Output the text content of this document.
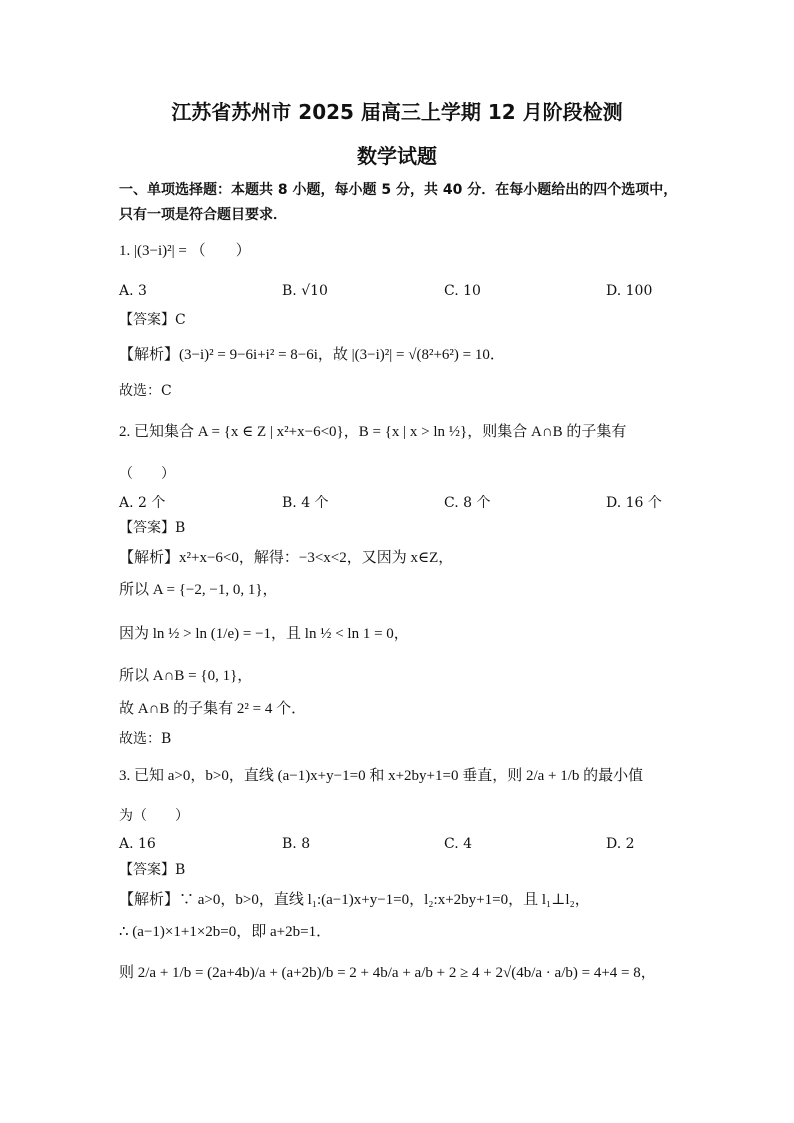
江苏省苏州市 2025 届高三上学期 12 月阶段检测
数学试题
一、单项选择题：本题共 8 小题，每小题 5 分，共 40 分．在每小题给出的四个选项中，
只有一项是符合题目要求．
1. |(3−i)²| = （　　）
A. 3	B. √10	C. 10	D. 100
【答案】C
【解析】(3−i)² = 9−6i+i² = 8−6i，故 |(3−i)²| = √(8²+6²) = 10．
故选：C
2. 已知集合 A = {x ∈ Z | x²+x−6<0}，B = {x | x > ln ½}，则集合 A∩B 的子集有
（　　）
A. 2 个	B. 4 个	C. 8 个	D. 16 个
【答案】B
【解析】x²+x−6<0，解得：−3<x<2，又因为 x∈Z，
所以 A = {−2, −1, 0, 1}，
因为 ln ½ > ln (1/e) = −1，且 ln ½ < ln 1 = 0，
所以 A∩B = {0, 1}，
故 A∩B 的子集有 2² = 4 个．
故选：B
3. 已知 a>0，b>0，直线 (a−1)x+y−1=0 和 x+2by+1=0 垂直，则 2/a + 1/b 的最小值
为（　　）
A. 16	B. 8	C. 4	D. 2
【答案】B
【解析】∵ a>0，b>0，直线 l₁:(a−1)x+y−1=0，l₂:x+2by+1=0，且 l₁⊥l₂，
∴ (a−1)×1+1×2b=0，即 a+2b=1．
则 2/a + 1/b = (2a+4b)/a + (a+2b)/b = 2 + 4b/a + a/b + 2 ≥ 4 + 2√(4b/a · a/b) = 4+4 = 8，
